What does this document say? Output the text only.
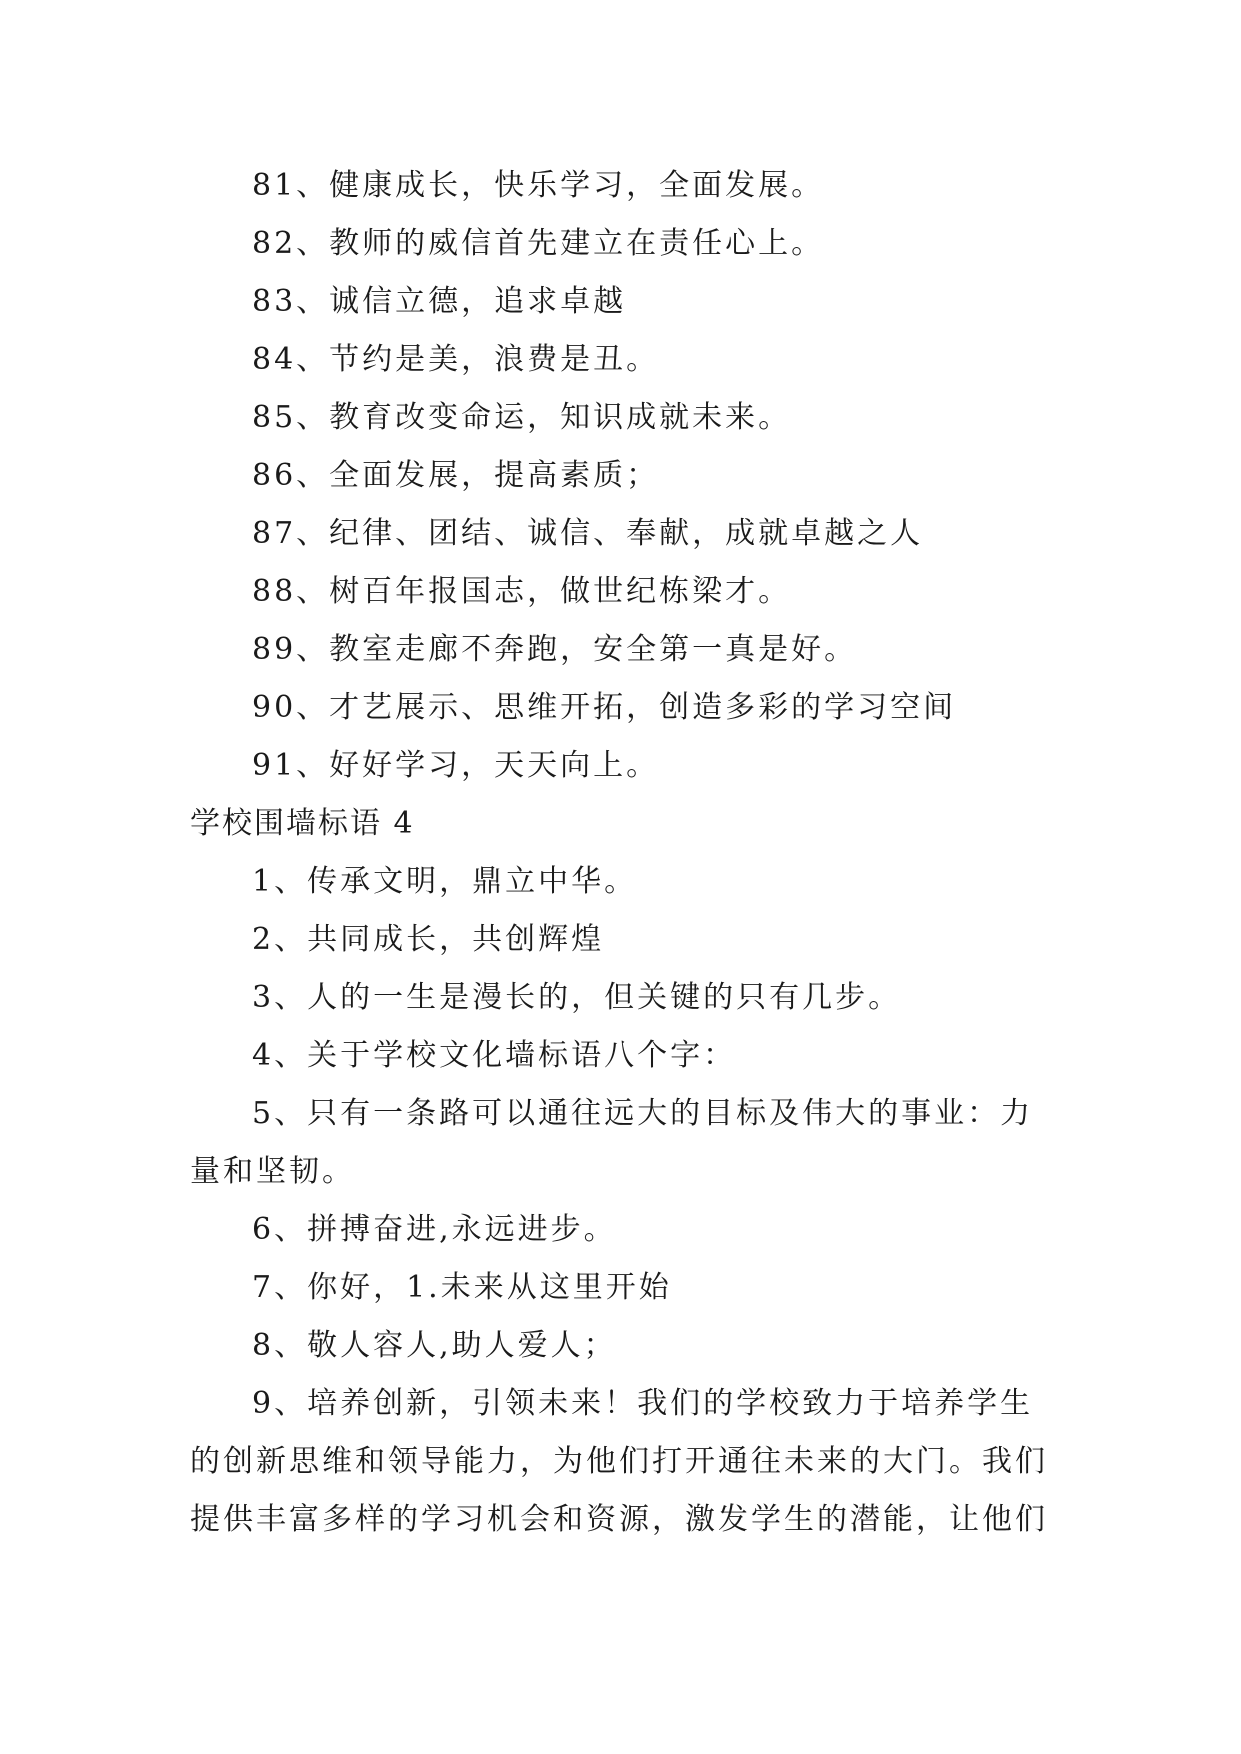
81、健康成长，快乐学习，全面发展。
82、教师的威信首先建立在责任心上。
83、诚信立德，追求卓越
84、节约是美，浪费是丑。
85、教育改变命运，知识成就未来。
86、全面发展，提高素质；
87、纪律、团结、诚信、奉献，成就卓越之人
88、树百年报国志，做世纪栋梁才。
89、教室走廊不奔跑，安全第一真是好。
90、才艺展示、思维开拓，创造多彩的学习空间
91、好好学习，天天向上。
学校围墙标语 4
1、传承文明，鼎立中华。
2、共同成长，共创辉煌
3、人的一生是漫长的，但关键的只有几步。
4、关于学校文化墙标语八个字：
5、只有一条路可以通往远大的目标及伟大的事业：力
量和坚韧。
6、拼搏奋进,永远进步。
7、你好，1.未来从这里开始
8、敬人容人,助人爱人；
9、培养创新，引领未来！我们的学校致力于培养学生
的创新思维和领导能力，为他们打开通往未来的大门。我们
提供丰富多样的学习机会和资源，激发学生的潜能，让他们
